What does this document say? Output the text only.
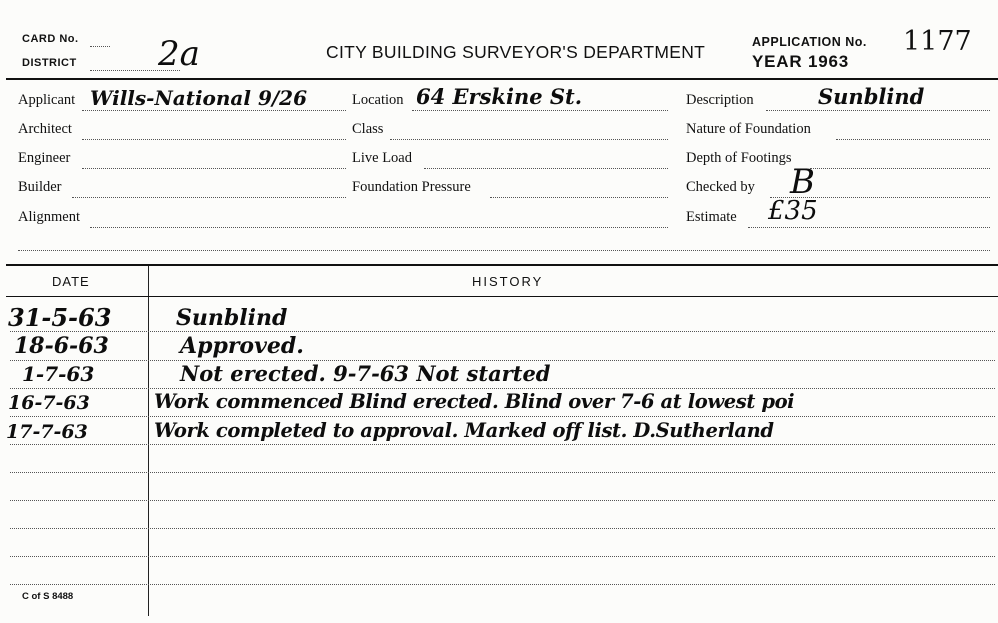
CARD No.
DISTRICT 2a	CITY BUILDING SURVEYOR'S DEPARTMENT	APPLICATION No. 1177
YEAR 1963
Applicant Wills-National 9/26	Location 64 Erskine St.	Description	Sunblind
Architect	Class	Nature of Foundation
Engineer	Live Load	Depth of Footings
Builder	Foundation Pressure	Checked by B
Alignment	Estimate £35
DATE	HISTORY
31-5-63	Sunblind
18-6-63	Approved.
1-7-63	Not erected. 9-7-63 Not started
16-7-63	Work commenced Blind erected. Blind over 7-6 at lowest poi
17-7-63	Work completed to approval. Marked off list. D.Sutherland
C of S 8488
